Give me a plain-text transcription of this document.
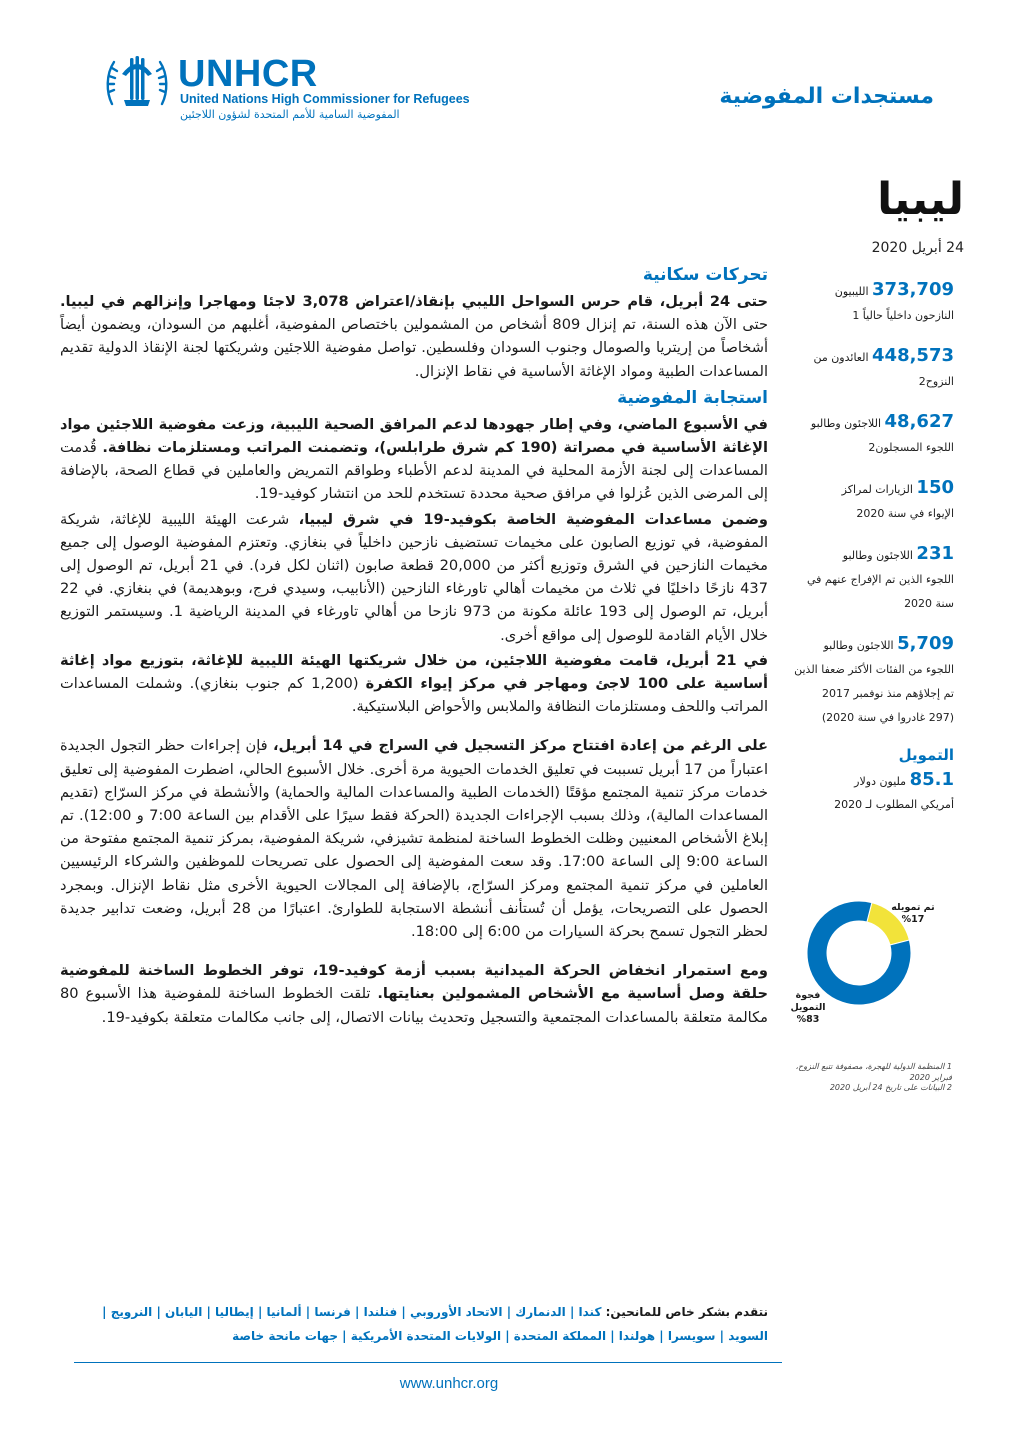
UNHCR
United Nations High Commissioner for Refugees
المفوضية السامية للأمم المتحدة لشؤون اللاجئين
مستجدات المفوضية
ليبيا
24 أبريل 2020
تحركات سكانية

حتى 24 أبريل، قام حرس السواحل الليبي بإنقاذ/اعتراض 3,078 لاجئا ومهاجرا وإنزالهم في ليبيا. حتى الآن هذه السنة، تم إنزال 809 أشخاص من المشمولين باختصاص المفوضية، أغلبهم من السودان، ويضمون أيضاً أشخاصاً من إريتريا والصومال وجنوب السودان وفلسطين. تواصل مفوضية اللاجئين وشريكتها لجنة الإنقاذ الدولية تقديم المساعدات الطبية ومواد الإغاثة الأساسية في نقاط الإنزال.

استجابة المفوضية

في الأسبوع الماضي، وفي إطار جهودها لدعم المرافق الصحية الليبية، وزعت مفوضية اللاجئين مواد الإغاثة الأساسية في مصراتة (190 كم شرق طرابلس)، وتضمنت المراتب ومستلزمات نظافة. قُدمت المساعدات إلى لجنة الأزمة المحلية في المدينة لدعم الأطباء وطواقم التمريض والعاملين في قطاع الصحة، بالإضافة إلى المرضى الذين عُزلوا في مرافق صحية محددة تستخدم للحد من انتشار كوفيد-19.

وضمن مساعدات المفوضية الخاصة بكوفيد-19 في شرق ليبيا، شرعت الهيئة الليبية للإغاثة، شريكة المفوضية، في توزيع الصابون على مخيمات تستضيف نازحين داخلياً في بنغازي. وتعتزم المفوضية الوصول إلى جميع مخيمات النازحين في الشرق وتوزيع أكثر من 20,000 قطعة صابون (اثنان لكل فرد). في 21 أبريل، تم الوصول إلى 437 نازحًا داخليًا في ثلاث من مخيمات أهالي تاورغاء النازحين (الأنابيب، وسيدي فرج، وبوهديمة) في بنغازي. في 22 أبريل، تم الوصول إلى 193 عائلة مكونة من 973 نازحا من أهالي تاورغاء في المدينة الرياضية 1. وسيستمر التوزيع خلال الأيام القادمة للوصول إلى مواقع أخرى.

في 21 أبريل، قامت مفوضية اللاجئين، من خلال شريكتها الهيئة الليبية للإغاثة، بتوزيع مواد إغاثة أساسية على 100 لاجئ ومهاجر في مركز إيواء الكفرة (1,200 كم جنوب بنغازي). وشملت المساعدات المراتب واللحف ومستلزمات النظافة والملابس والأحواض البلاستيكية.

على الرغم من إعادة افتتاح مركز التسجيل في السراج في 14 أبريل، فإن إجراءات حظر التجول الجديدة اعتباراً من 17 أبريل تسببت في تعليق الخدمات الحيوية مرة أخرى. خلال الأسبوع الحالي، اضطرت المفوضية إلى تعليق خدمات مركز تنمية المجتمع مؤقتًا (الخدمات الطبية والمساعدات المالية والحماية) والأنشطة في مركز السرّاج (تقديم المساعدات المالية)، وذلك بسبب الإجراءات الجديدة (الحركة فقط سيرًا على الأقدام بين الساعة 7:00 و 12:00). تم إبلاغ الأشخاص المعنيين وظلت الخطوط الساخنة لمنظمة تشيزفي، شريكة المفوضية، بمركز تنمية المجتمع مفتوحة من الساعة 9:00 إلى الساعة 17:00. وقد سعت المفوضية إلى الحصول على تصريحات للموظفين والشركاء الرئيسيين العاملين في مركز تنمية المجتمع ومركز السرّاج، بالإضافة إلى المجالات الحيوية الأخرى مثل نقاط الإنزال. وبمجرد الحصول على التصريحات، يؤمل أن تُستأنف أنشطة الاستجابة للطوارئ. اعتبارًا من 28 أبريل، وضعت تدابير جديدة لحظر التجول تسمح بحركة السيارات من 6:00 إلى 18:00.

ومع استمرار انخفاض الحركة الميدانية بسبب أزمة كوفيد-19، توفر الخطوط الساخنة للمفوضية حلقة وصل أساسية مع الأشخاص المشمولين بعنايتها. تلقت الخطوط الساخنة للمفوضية هذا الأسبوع 80 مكالمة متعلقة بالمساعدات المجتمعية والتسجيل وتحديث بيانات الاتصال، إلى جانب مكالمات متعلقة بكوفيد-19.

373,709 الليبيون
النازحون داخلياً حالياً 1
448,573 العائدون من
النزوح2
48,627 اللاجئون وطالبو
اللجوء المسجلون2
150 الزيارات لمراكز
الإيواء في سنة 2020
231 اللاجئون وطالبو
اللجوء الذين تم الإفراج عنهم في سنة 2020
5,709 اللاجئون وطالبو
اللجوء من الفئات الأكثر ضعفا الذين تم إجلاؤهم منذ نوفمبر 2017 (297 غادروا في سنة 2020)
التمويل
85.1 مليون دولار
أمريكي المطلوب لـ 2020
تم تمويله
%17
فجوة التمويل
%83
1 المنظمة الدولية للهجرة، مصفوفة تتبع النزوح، فبراير 2020
2 البيانات على تاريخ 24 أبريل 2020
نتقدم بشكر خاص للمانحين: كندا | الدنمارك | الاتحاد الأوروبي | فنلندا | فرنسا | ألمانيا | إيطاليا | اليابان | النرويج | السويد | سويسرا | هولندا | المملكة المتحدة | الولايات المتحدة الأمريكية | جهات مانحة خاصة
www.unhcr.org
